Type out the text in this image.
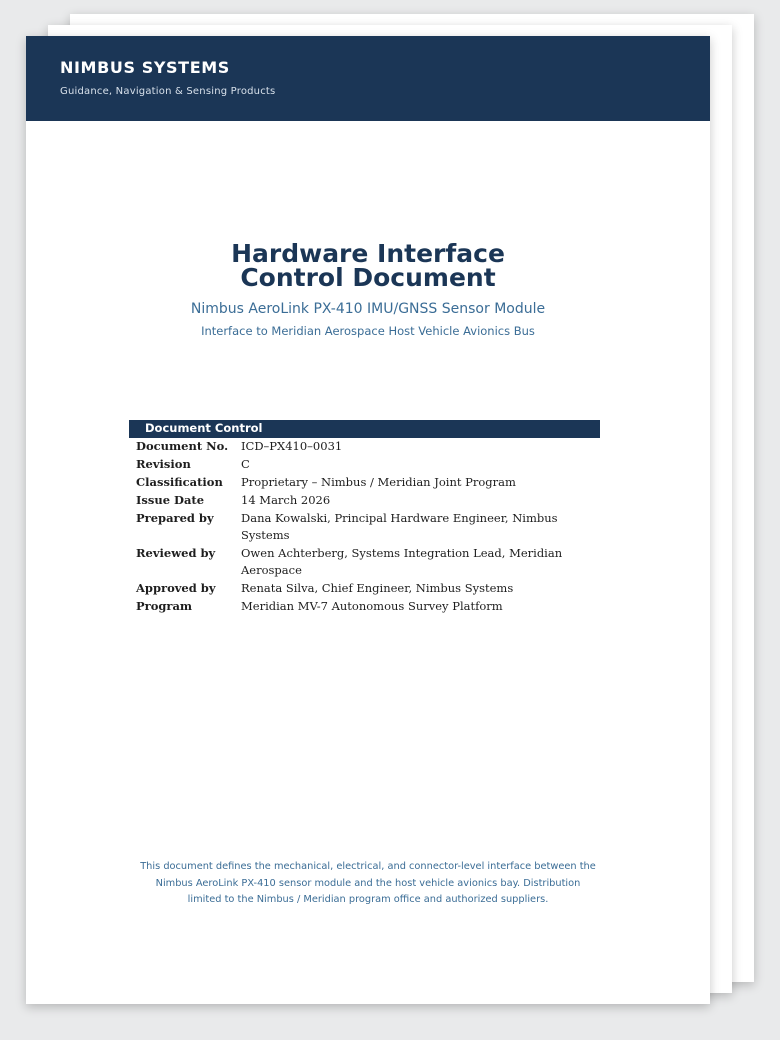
NIMBUS SYSTEMS
Guidance, Navigation & Sensing Products
Hardware Interface
Control Document
Nimbus AeroLink PX-410 IMU/GNSS Sensor Module
Interface to Meridian Aerospace Host Vehicle Avionics Bus
Document Control
Document No.	ICD–PX410–0031
Revision	C
Classification	Proprietary – Nimbus / Meridian Joint Program
Issue Date	14 March 2026
Prepared by	Dana Kowalski, Principal Hardware Engineer, Nimbus Systems
Reviewed by	Owen Achterberg, Systems Integration Lead, Meridian Aerospace
Approved by	Renata Silva, Chief Engineer, Nimbus Systems
Program	Meridian MV-7 Autonomous Survey Platform
This document defines the mechanical, electrical, and connector-level interface between the Nimbus AeroLink PX-410 sensor module and the host vehicle avionics bay. Distribution limited to the Nimbus / Meridian program office and authorized suppliers.
